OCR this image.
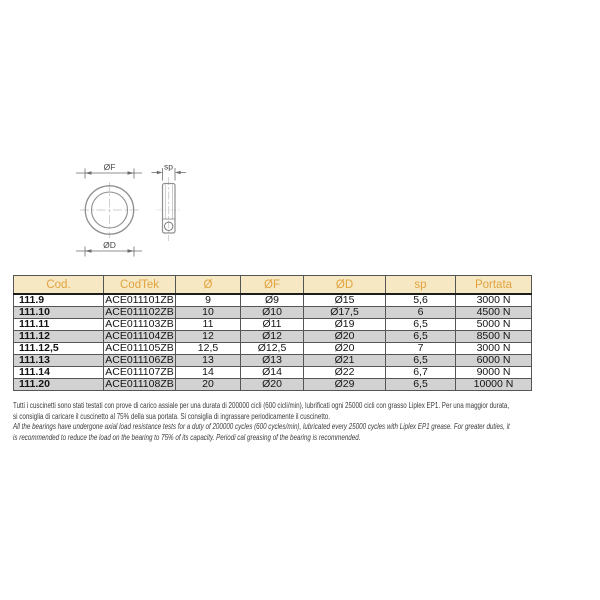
ØF
ØD
sp
Cod.	CodTek	Ø	ØF	ØD	sp	Portata
111.9	ACE011101ZB	9	Ø9	Ø15	5,6	3000 N
111.10	ACE011102ZB	10	Ø10	Ø17,5	6	4500 N
111.11	ACE011103ZB	11	Ø11	Ø19	6,5	5000 N
111.12	ACE011104ZB	12	Ø12	Ø20	6,5	8500 N
111.12,5	ACE011105ZB	12,5	Ø12,5	Ø20	7	3000 N
111.13	ACE011106ZB	13	Ø13	Ø21	6,5	6000 N
111.14	ACE011107ZB	14	Ø14	Ø22	6,7	9000 N
111.20	ACE011108ZB	20	Ø20	Ø29	6,5	10000 N
Tutti i cuscinetti sono stati testati con prove di carico assiale per una durata di 200000 cicli (600 cicli/min), lubrificati ogni 25000 cicli con grasso Liplex EP1. Per una maggior durata,
si consiglia di caricare il cuscinetto al 75% della sua portata. Si consiglia di ingrassare periodicamente il cuscinetto.
All the bearings have undergone axial load resistance tests for a duty of 200000 cycles (600 cycles/min), lubricated every 25000 cycles with Liplex EP1 grease. For greater duties, it
is recommended to reduce the load on the bearing to 75% of its capacity. Periodi cal greasing of the bearing is recommended.
